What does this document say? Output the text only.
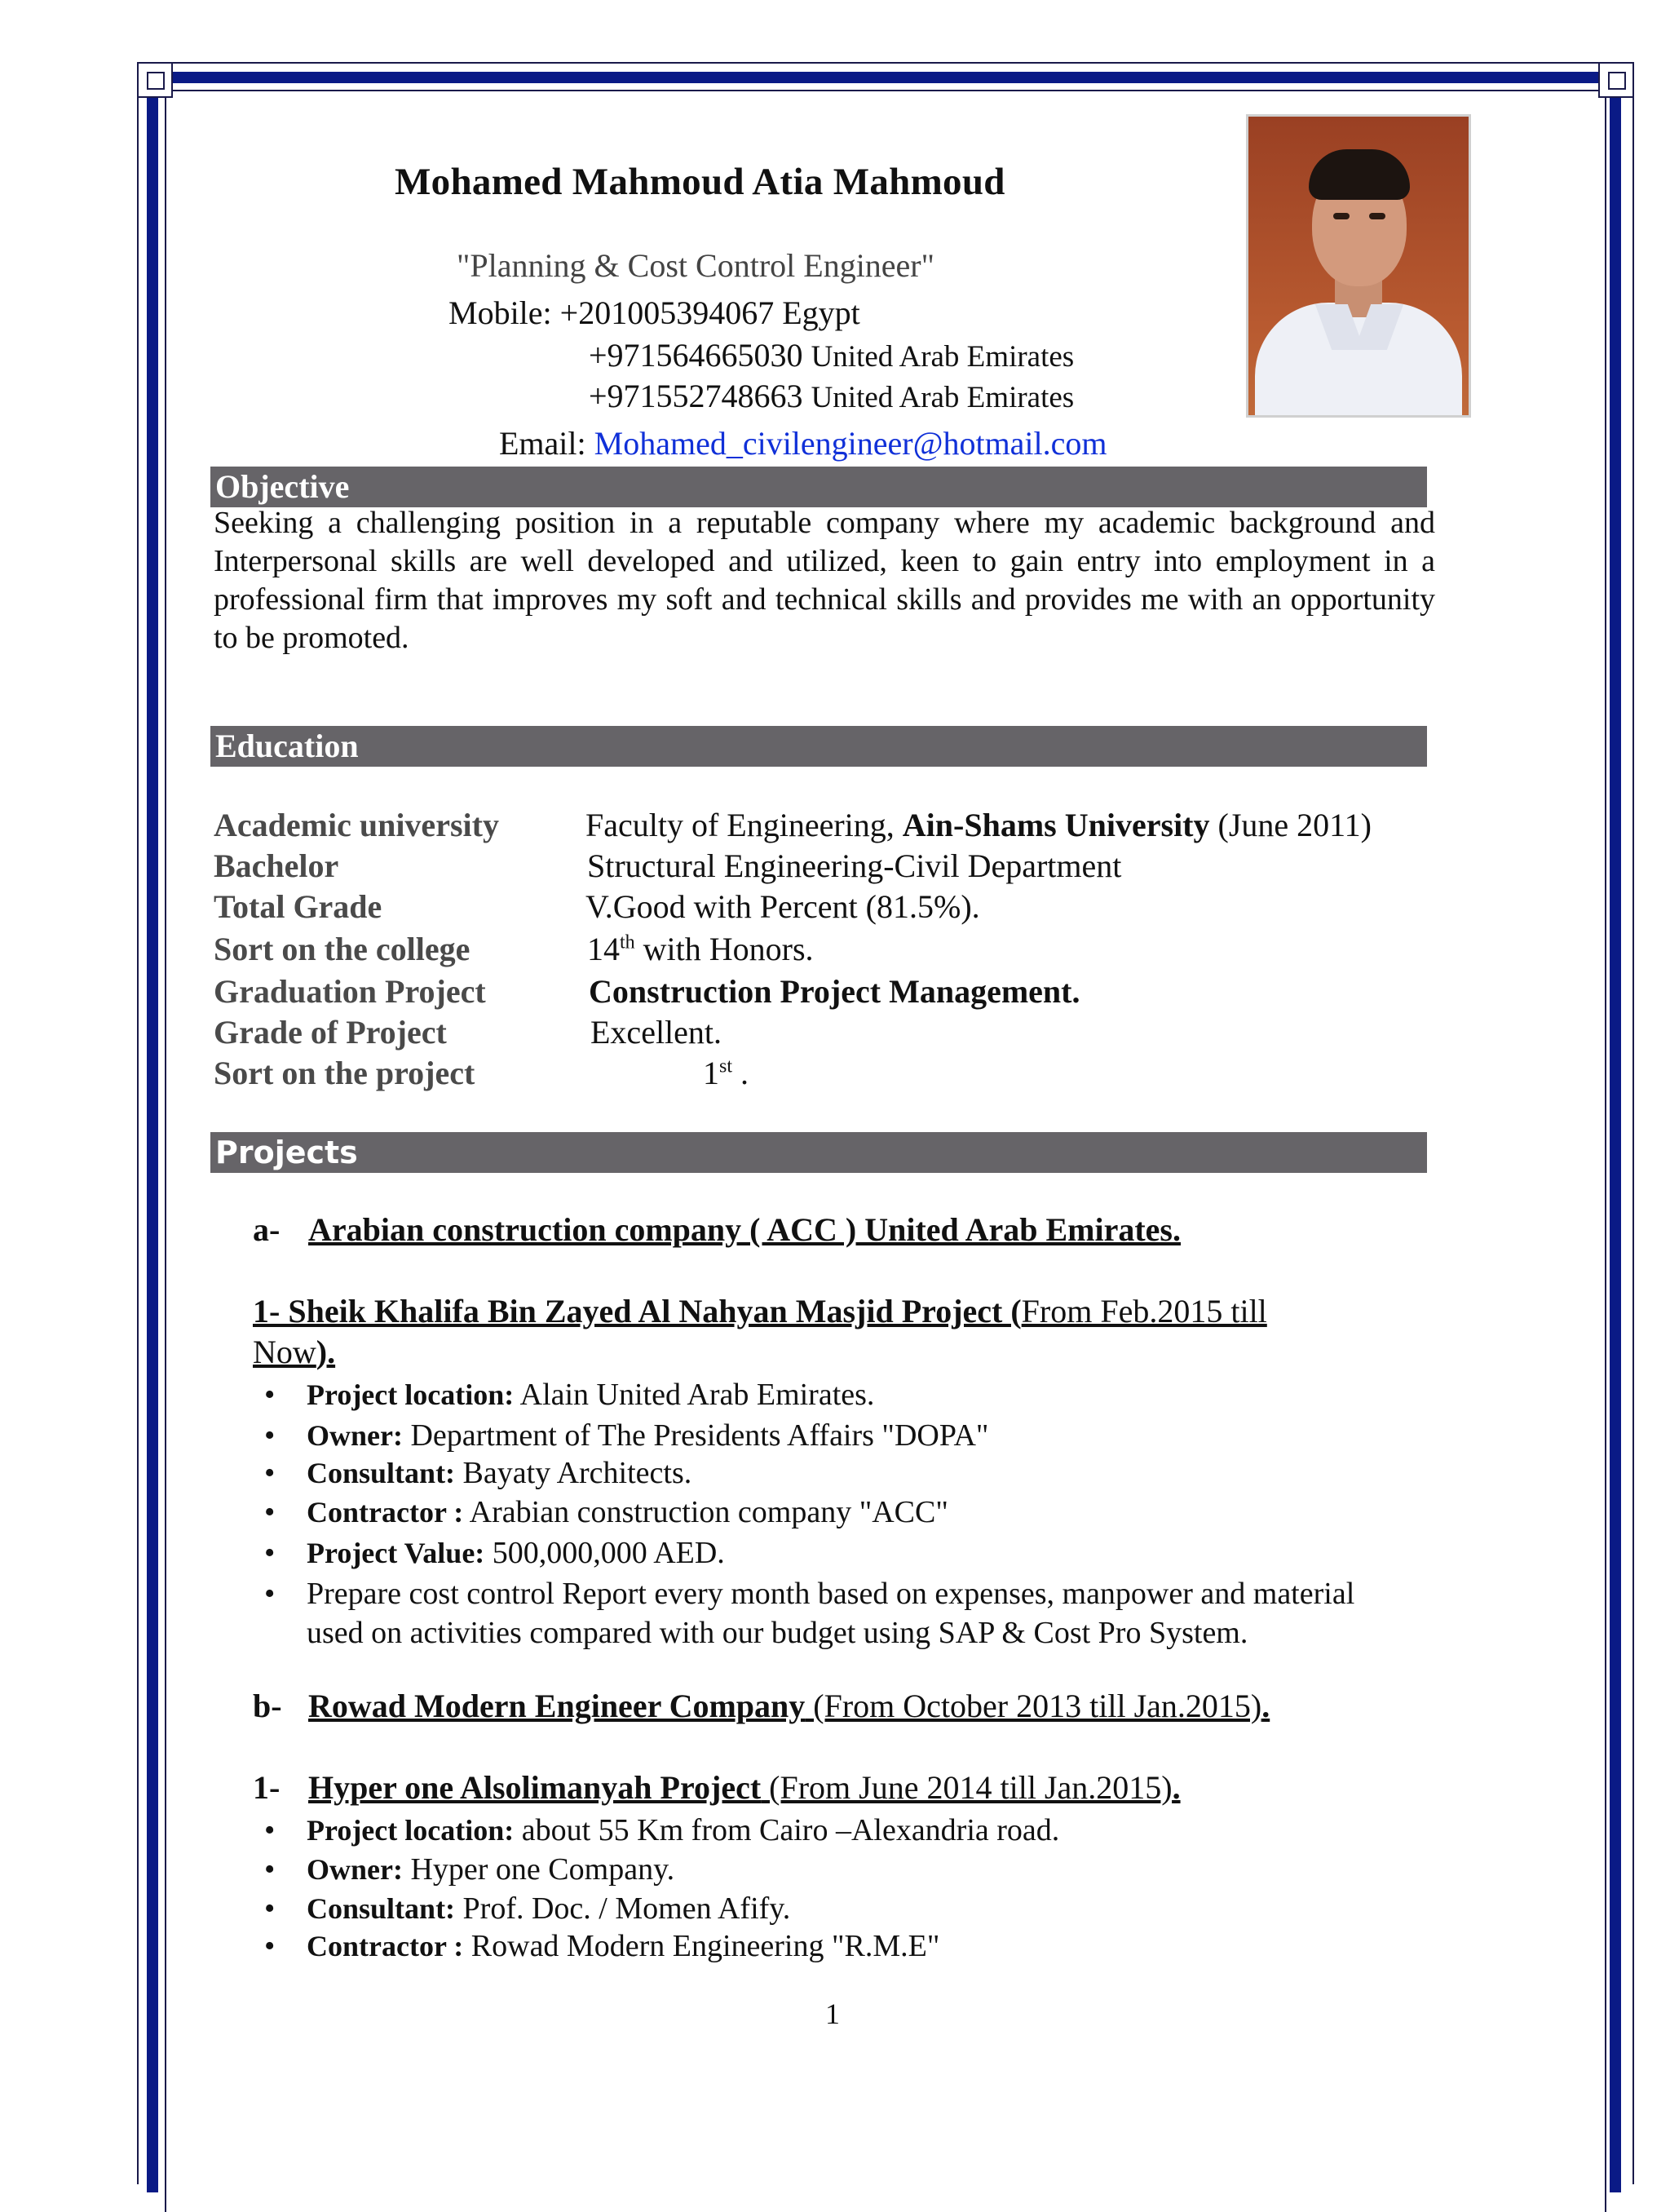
Mohamed Mahmoud Atia Mahmoud
"Planning & Cost Control Engineer"
Mobile: +201005394067 Egypt
+971564665030 United Arab Emirates
+971552748663 United Arab Emirates
Email: Mohamed_civilengineer@hotmail.com
Objective
Seeking a challenging position in a reputable company where my academic background and Interpersonal skills are well developed and utilized, keen to gain entry into employment in a professional firm that improves my soft and technical skills and provides me with an opportunity to be promoted.
Education
Academic university	Faculty of Engineering, Ain-Shams University (June 2011)
Bachelor	Structural Engineering-Civil Department
Total Grade	V.Good with Percent (81.5%).
Sort on the college	14th with Honors.
Graduation Project	Construction Project Management.
Grade of Project	Excellent.
Sort on the project	1st .
Projects
a- Arabian construction company ( ACC ) United Arab Emirates.
1- Sheik Khalifa Bin Zayed Al Nahyan Masjid Project (From Feb.2015 till
Now).
• Project location: Alain United Arab Emirates.
• Owner: Department of The Presidents Affairs "DOPA"
• Consultant: Bayaty Architects.
• Contractor : Arabian construction company "ACC"
• Project Value: 500,000,000 AED.
• Prepare cost control Report every month based on expenses, manpower and material
used on activities compared with our budget using SAP & Cost Pro System.
b- Rowad Modern Engineer Company (From October 2013 till Jan.2015).
1- Hyper one Alsolimanyah Project (From June 2014 till Jan.2015).
• Project location: about 55 Km from Cairo –Alexandria road.
• Owner: Hyper one Company.
• Consultant: Prof. Doc. / Momen Afify.
• Contractor : Rowad Modern Engineering "R.M.E"
1
